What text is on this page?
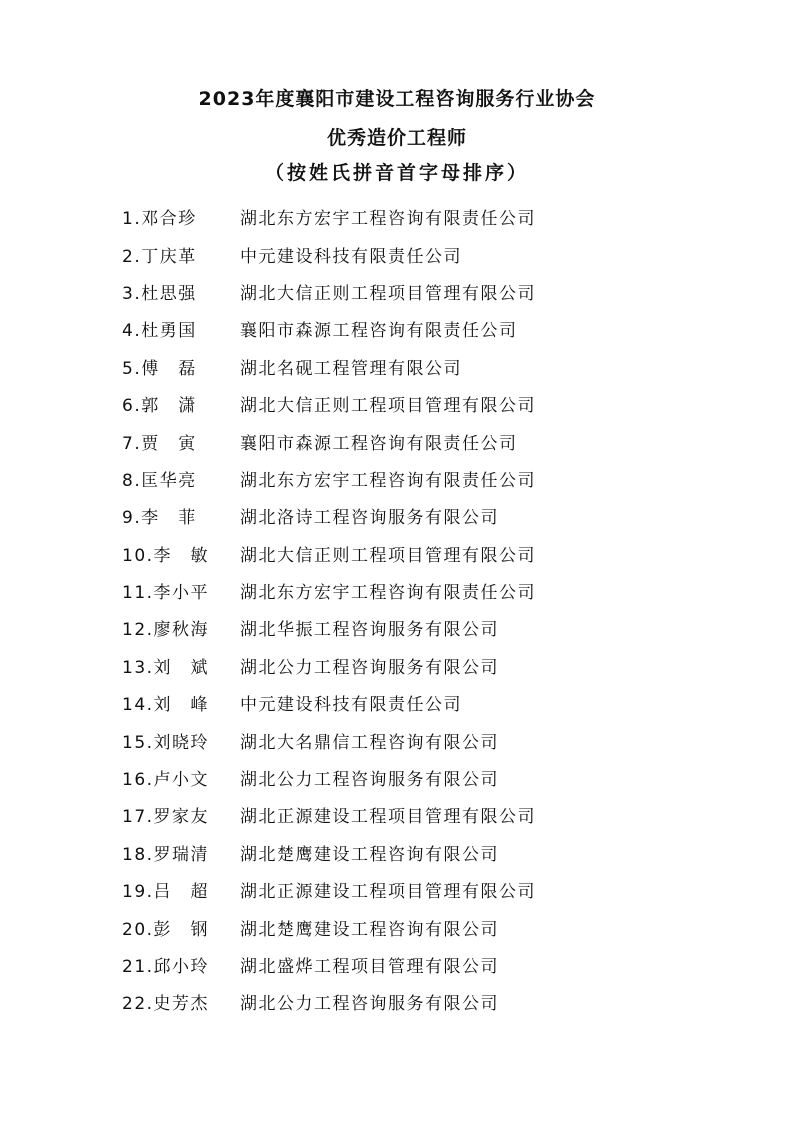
2023年度襄阳市建设工程咨询服务行业协会
优秀造价工程师
（按姓氏拼音首字母排序）
1.邓合珍	湖北东方宏宇工程咨询有限责任公司
2.丁庆革	中元建设科技有限责任公司
3.杜思强	湖北大信正则工程项目管理有限公司
4.杜勇国	襄阳市森源工程咨询有限责任公司
5.傅　磊	湖北名砚工程管理有限公司
6.郭　潇	湖北大信正则工程项目管理有限公司
7.贾　寅	襄阳市森源工程咨询有限责任公司
8.匡华亮	湖北东方宏宇工程咨询有限责任公司
9.李　菲	湖北洛诗工程咨询服务有限公司
10.李　敏	湖北大信正则工程项目管理有限公司
11.李小平	湖北东方宏宇工程咨询有限责任公司
12.廖秋海	湖北华振工程咨询服务有限公司
13.刘　斌	湖北公力工程咨询服务有限公司
14.刘　峰	中元建设科技有限责任公司
15.刘晓玲	湖北大名鼎信工程咨询有限公司
16.卢小文	湖北公力工程咨询服务有限公司
17.罗家友	湖北正源建设工程项目管理有限公司
18.罗瑞清	湖北楚鹰建设工程咨询有限公司
19.吕　超	湖北正源建设工程项目管理有限公司
20.彭　钢	湖北楚鹰建设工程咨询有限公司
21.邱小玲	湖北盛烨工程项目管理有限公司
22.史芳杰	湖北公力工程咨询服务有限公司
